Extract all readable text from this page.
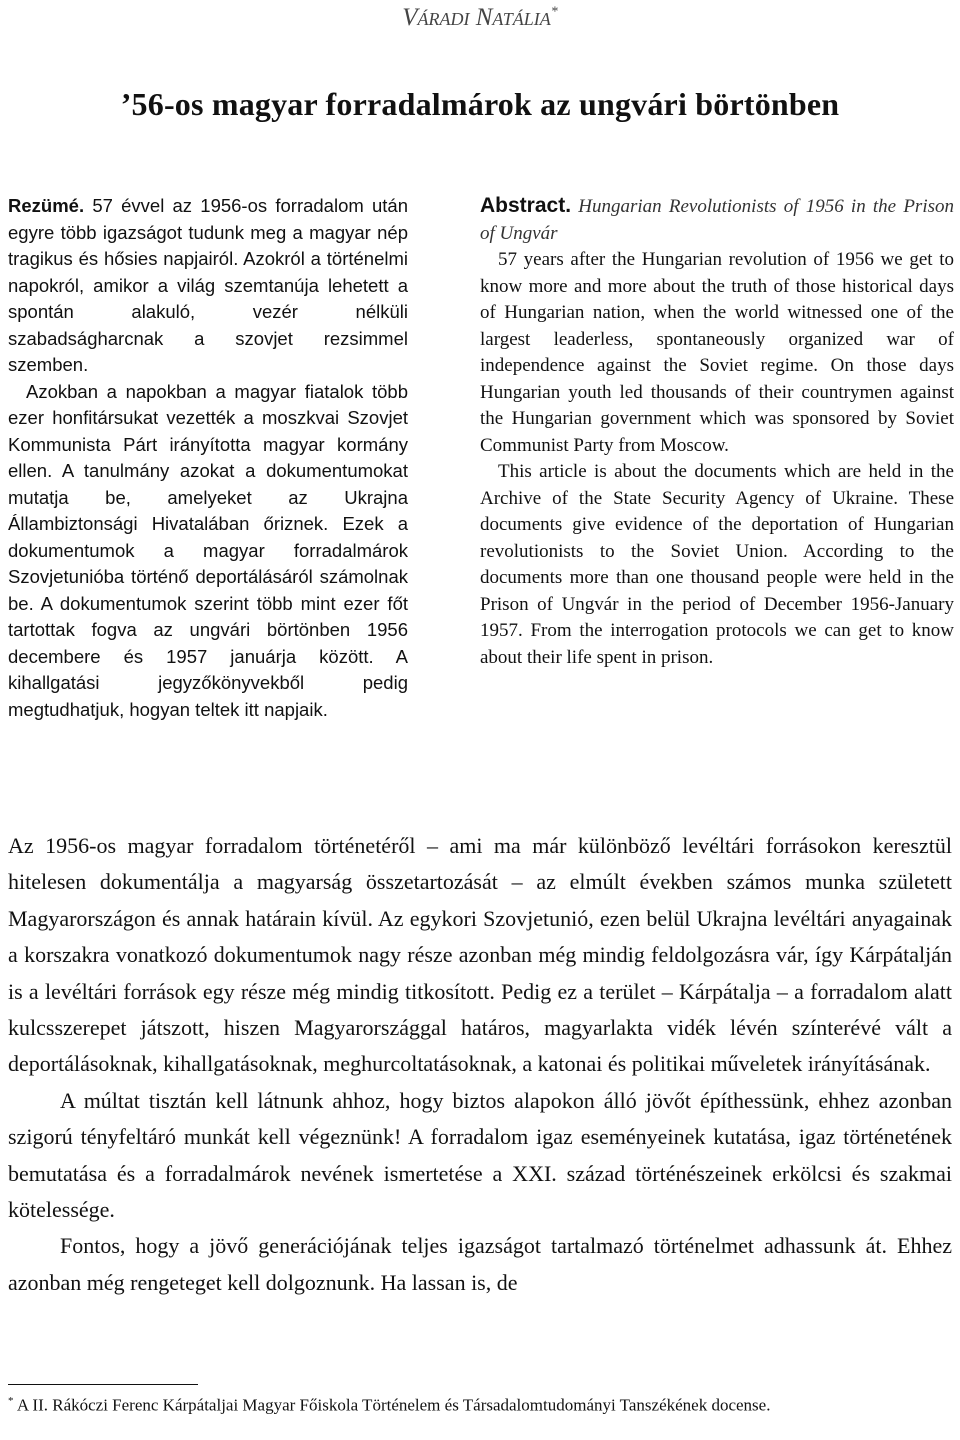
Váradi Natália*
’56-os magyar forradalmárok az ungvári börtönben

Rezümé. 57 évvel az 1956-os forradalom után egyre több igazságot tudunk meg a magyar nép tragikus és hősies napjairól. Azokról a történelmi napokról, amikor a világ szemtanúja lehetett a spontán alakuló, vezér nélküli szabadságharcnak a szovjet rezsimmel szemben.

Azokban a napokban a magyar fiatalok több ezer honfitársukat vezették a moszkvai Szovjet Kommunista Párt irányította magyar kormány ellen. A tanulmány azokat a dokumentumokat mutatja be, amelyeket az Ukrajna Állambiztonsági Hivatalában őriznek. Ezek a dokumentumok a magyar forradalmárok Szovjetunióba történő deportálásáról számolnak be. A dokumentumok szerint több mint ezer főt tartottak fogva az ungvári börtönben 1956 decembere és 1957 januárja között. A kihallgatási jegyzőkönyvekből pedig megtudhatjuk, hogyan teltek itt napjaik.

Abstract. Hungarian Revolutionists of 1956 in the Prison of Ungvár

57 years after the Hungarian revolution of 1956 we get to know more and more about the truth of those historical days of Hungarian nation, when the world witnessed one of the largest leaderless, spontaneously organized war of independence against the Soviet regime. On those days Hungarian youth led thousands of their countrymen against the Hungarian government which was sponsored by Soviet Communist Party from Moscow.

This article is about the documents which are held in the Archive of the State Security Agency of Ukraine. These documents give evidence of the deportation of Hungarian revolutionists to the Soviet Union. According to the documents more than one thousand people were held in the Prison of Ungvár in the period of December 1956-January 1957. From the interrogation protocols we can get to know about their life spent in prison.

Az 1956-os magyar forradalom történetéről – ami ma már különböző levéltári forrásokon keresztül hitelesen dokumentálja a magyarság összetartozását – az elmúlt években számos munka született Magyarországon és annak határain kívül. Az egykori Szovjetunió, ezen belül Ukrajna levéltári anyagainak a korszakra vonatkozó dokumentumok nagy része azonban még mindig feldolgozásra vár, így Kárpátalján is a levéltári források egy része még mindig titkosított. Pedig ez a terület – Kárpátalja – a forradalom alatt kulcsszerepet játszott, hiszen Magyarországgal határos, magyarlakta vidék lévén színterévé vált a deportálásoknak, kihallgatásoknak, meghurcoltatásoknak, a katonai és politikai műveletek irányításának.

A múltat tisztán kell látnunk ahhoz, hogy biztos alapokon álló jövőt építhessünk, ehhez azonban szigorú tényfeltáró munkát kell végeznünk! A forradalom igaz eseményeinek kutatása, igaz történetének bemutatása és a forradalmárok nevének ismertetése a XXI. század történészeinek erkölcsi és szakmai kötelessége.

Fontos, hogy a jövő generációjának teljes igazságot tartalmazó történelmet adhassunk át. Ehhez azonban még rengeteget kell dolgoznunk. Ha lassan is, de

* A II. Rákóczi Ferenc Kárpátaljai Magyar Főiskola Történelem és Társadalomtudományi Tanszékének docense.
